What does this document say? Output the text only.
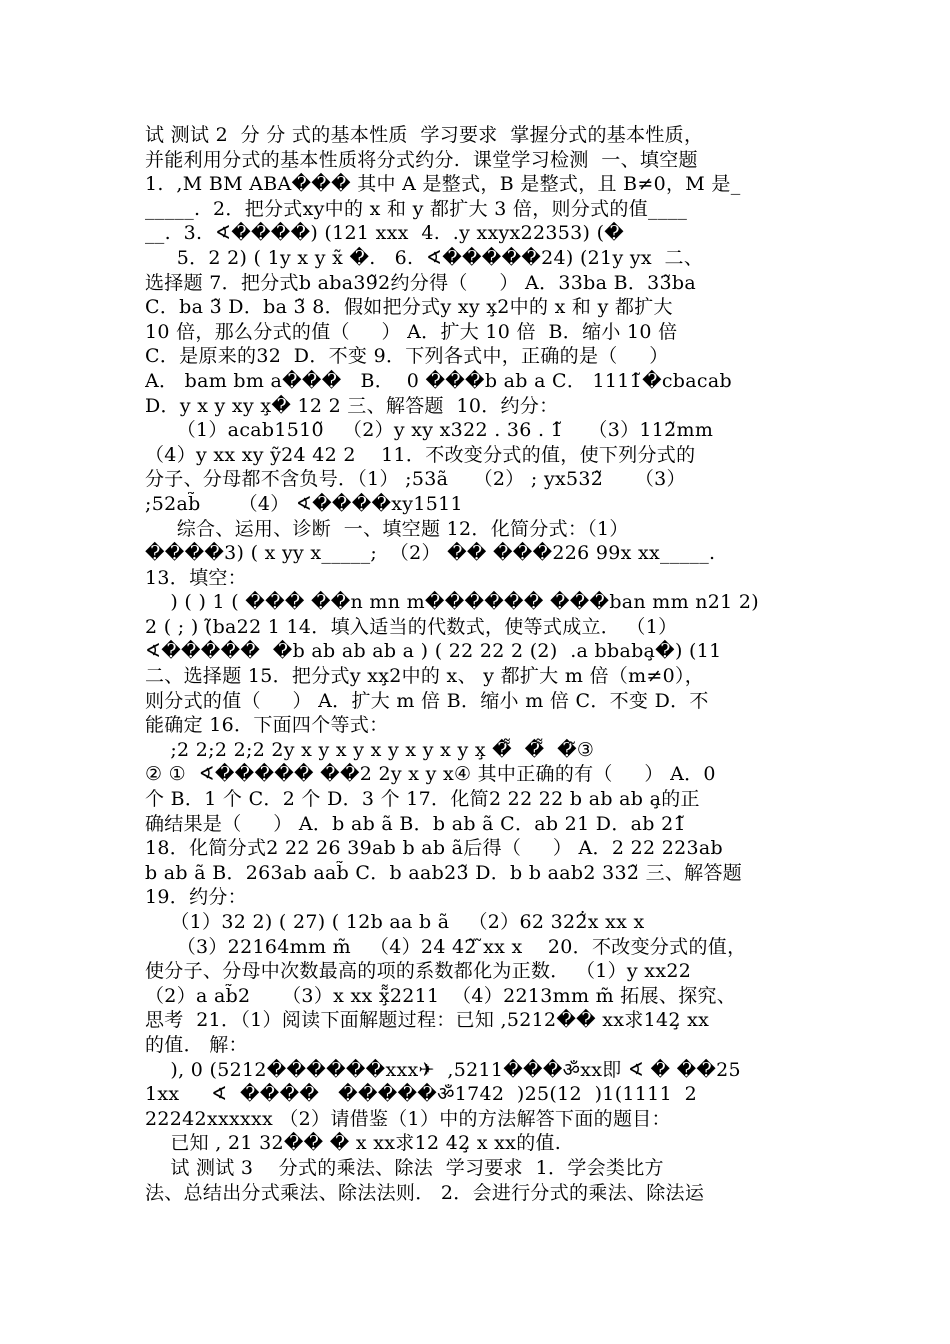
试 测试 2  分 分 式的基本性质  学习要求  掌握分式的基本性质，
并能利用分式的基本性质将分式约分.  课堂学习检测  一、填空题
1.  ,M BM ABA��� 其中 A 是整式，B 是整式，且 B≠0，M 是_
_____.  2．把分式xy中的 x 和 y 都扩大 3 倍，则分式的值____
__.  3.  ∢����) (121 xxx  4.  .y xxyx22353) (�
5．2 2) ( 1y x y x̃ �.   6.  ∢�����24) (21y yx  二、
选择题 7．把分式b aba39̃2约分得（     ） A．33ba B．33̃ba
C．ba 3̃ D．ba 3̃ 8．假如把分式y xy x̧2中的 x 和 y 都扩大
10 倍，那么分式的值（     ） A．扩大 10 倍  B．缩小 10 倍
C．是原来的32  D．不变 9．下列各式中，正确的是（     ）
A． bam bm a���   B．  0 ���b ab a C． 1111̃�cbacab
D．y x y xy x̧� 12 2 三、解答题  10．约分：
（1）acab1510̃   （2）y xy x322 . 36 . 1̃    （3）112̃mm
（4）y xx xy ỹ24 42 2    11．不改变分式的值，使下列分式的
分子、分母都不含负号．（1） ;53ã    （2） ; yx532̃     （3）
;52ab̃      （4） ∢����xy1511
综合、运用、诊断  一、填空题 12．化简分式：（1）
����3) ( x yy x_____;  （2） �� ���226 99x xx_____.
13．填空：
) ( ) 1 ( ��� ��n mn m������ ���ban mm n21 2)
2 ( ; ) (̃ba22 1 14．填入适当的代数式，使等式成立． （1）
∢�����  �b ab ab ab a ) ( 22 22 2 (2)  .a bbaba̧�) (11
二、选择题 15．把分式y xx̧2中的 x、 y 都扩大 m 倍（m≠0），
则分式的值（     ） A．扩大 m 倍 B．缩小 m 倍 C．不变 D．不
能确定 16．下面四个等式：
;2 2;2 2;2 2y x y x y x y x y x y x̧ �̃̃  �̃̃̃  �̃③
② ①  ∢����� ��2 2y x y x④ 其中正确的有（     ） A．0
个 B．1 个 C．2 个 D．3 个 17．化简2 22 22 b ab ab a̧的正
确结果是（     ） A．b ab ã B．b ab ã C．ab 21 D．ab 21̃
18．化简分式2 22 26 39ab b ab ã后得（     ） A．2 22 223ab
b ab ã B．263ab aab̃ C．b aab23̃ D．b b aab2 332̃ 三、解答题
19．约分：
（1）32 2) ( 27) ( 12b aa b ã   （2）62 322̃̇̇x xx x
（3）22164mm m̃   （4）24 42̃ ̃xx x    20．不改变分式的值，
使分子、分母中次数最高的项的系数都化为正数． （1）y xx22
（2）a ab̃2     （3）x xx x̧̃̃2211  （4）2213mm m̃ 拓展、探究、
思考  21．（1）阅读下面解题过程：已知 ,5212�� xx求142̧ xx
的值． 解：
), 0 (5212������xxx✈  ,5211���ॐxx即 ∢ � ��25
1xx     ∢  ����   �����ॐ1742  )25(12  )1(1111  2
22242xxxxxx （2）请借鉴（1）中的方法解答下面的题目：
已知 , 21 32�� � x xx求12 42̧ x xx的值.
试 测试 3    分式的乘法、除法  学习要求  1．学会类比方
法、总结出分式乘法、除法法则． 2．会进行分式的乘法、除法运
